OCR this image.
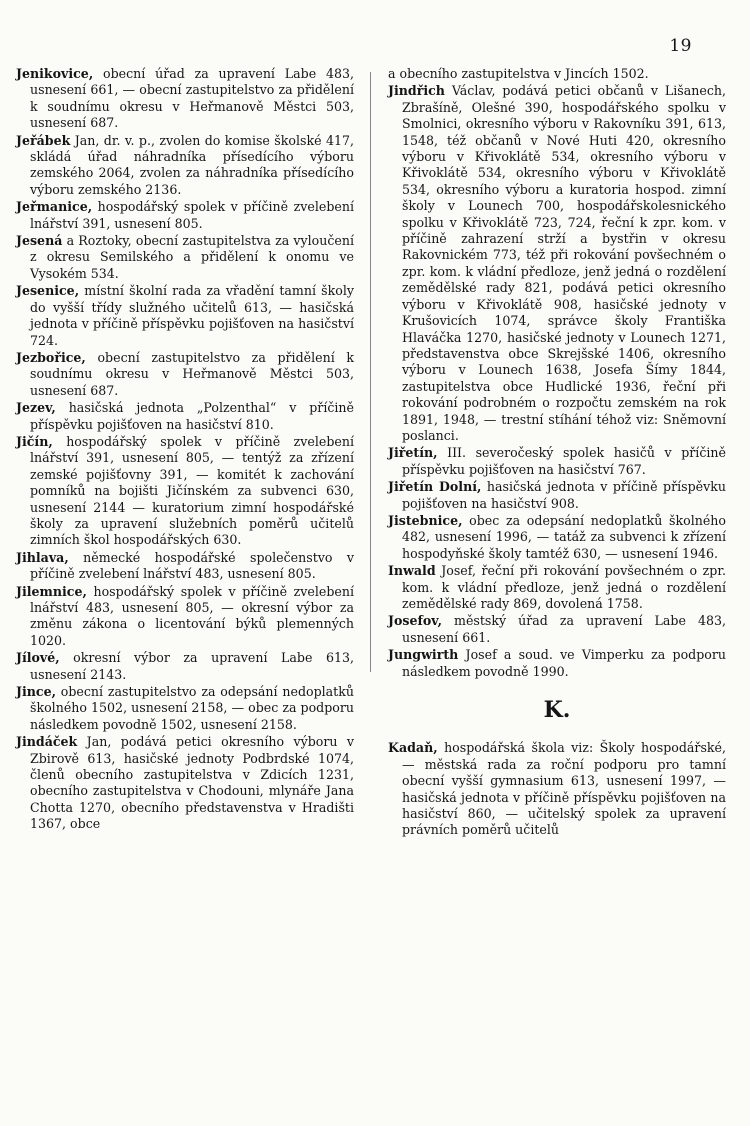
19

Jenikovice, obecní úřad za upravení Labe 483, usnesení 661, — obecní zastupitelstvo za přidělení k soudnímu okresu v Heřmanově Městci 503, usnesení 687.

Jeřábek Jan, dr. v. p., zvolen do komise školské 417, skládá úřad náhradníka přísedícího výboru zemského 2064, zvolen za náhradníka přísedícího výboru zemského 2136.

Jeřmanice, hospodářský spolek v příčině zvelebení lnářství 391, usnesení 805.

Jesená a Roztoky, obecní zastupitelstva za vyloučení z okresu Semilského a přidělení k onomu ve Vysokém 534.

Jesenice, místní školní rada za vřadění tamní školy do vyšší třídy služného učitelů 613, — hasičská jednota v příčině příspěvku pojišťoven na hasičství 724.

Jezbořice, obecní zastupitelstvo za přidělení k soudnímu okresu v Heřmanově Městci 503, usnesení 687.

Jezev, hasičská jednota „Polzenthal“ v příčině příspěvku pojišťoven na hasičství 810.

Jičín, hospodářský spolek v příčině zvelebení lnářství 391, usnesení 805, — tentýž za zřízení zemské pojišťovny 391, — komitét k zachování pomníků na bojišti Jičínském za subvenci 630, usnesení 2144 — kuratorium zimní hospodářské školy za upravení služebních poměrů učitelů zimních škol hospodářských 630.

Jihlava, německé hospodářské společenstvo v příčině zvelebení lnářství 483, usnesení 805.

Jilemnice, hospodářský spolek v příčině zvelebení lnářství 483, usnesení 805, — okresní výbor za změnu zákona o licentování býků plemenných 1020.

Jílové, okresní výbor za upravení Labe 613, usnesení 2143.

Jince, obecní zastupitelstvo za odepsání nedoplatků školného 1502, usnesení 2158, — obec za podporu následkem povodně 1502, usnesení 2158.

Jindáček Jan, podává petici okresního výboru v Zbirově 613, hasičské jednoty Podbrdské 1074, členů obecního zastupitelstva v Zdicích 1231, obecního zastupitelstva v Chodouni, mlynáře Jana Chotta 1270, obecního představenstva v Hradišti 1367, obce

a obecního zastupitelstva v Jincích 1502.

Jindřich Václav, podává petici občanů v Lišanech, Zbrašíně, Olešné 390, hospodářského spolku v Smolnici, okresního výboru v Rakovníku 391, 613, 1548, též občanů v Nové Huti 420, okresního výboru v Křivoklátě 534, okresního výboru v Křivoklátě 534, okresního výboru v Křivoklátě 534, okresního výboru a kuratoria hospod. zimní školy v Lounech 700, hospodářskolesnického spolku v Křivoklátě 723, 724, řeční k zpr. kom. v příčině zahrazení strží a bystřin v okresu Rakovnickém 773, též při rokování povšechném o zpr. kom. k vládní předloze, jenž jedná o rozdělení zemědělské rady 821, podává petici okresního výboru v Křivoklátě 908, hasičské jednoty v Krušovicích 1074, správce školy Františka Hlaváčka 1270, hasičské jednoty v Lounech 1271, představenstva obce Skrejšské 1406, okresního výboru v Lounech 1638, Josefa Šímy 1844, zastupitelstva obce Hudlické 1936, řeční při rokování podrobném o rozpočtu zemském na rok 1891, 1948, — trestní stíhání téhož viz: Sněmovní poslanci.

Jiřetín, III. severočeský spolek hasičů v příčině příspěvku pojišťoven na hasičství 767.

Jiřetín Dolní, hasičská jednota v příčině příspěvku pojišťoven na hasičství 908.

Jistebnice, obec za odepsání nedoplatků školného 482, usnesení 1996, — tatáž za subvenci k zřízení hospodyňské školy tamtéž 630, — usnesení 1946.

Inwald Josef, řeční při rokování povšechném o zpr. kom. k vládní předloze, jenž jedná o rozdělení zemědělské rady 869, dovolená 1758.

Josefov, městský úřad za upravení Labe 483, usnesení 661.

Jungwirth Josef a soud. ve Vimperku za podporu následkem povodně 1990.

K.

Kadaň, hospodářská škola viz: Školy hospodářské, — městská rada za roční podporu pro tamní obecní vyšší gymnasium 613, usnesení 1997, — hasičská jednota v příčině příspěvku pojišťoven na hasičství 860, — učitelský spolek za upravení právních poměrů učitelů
